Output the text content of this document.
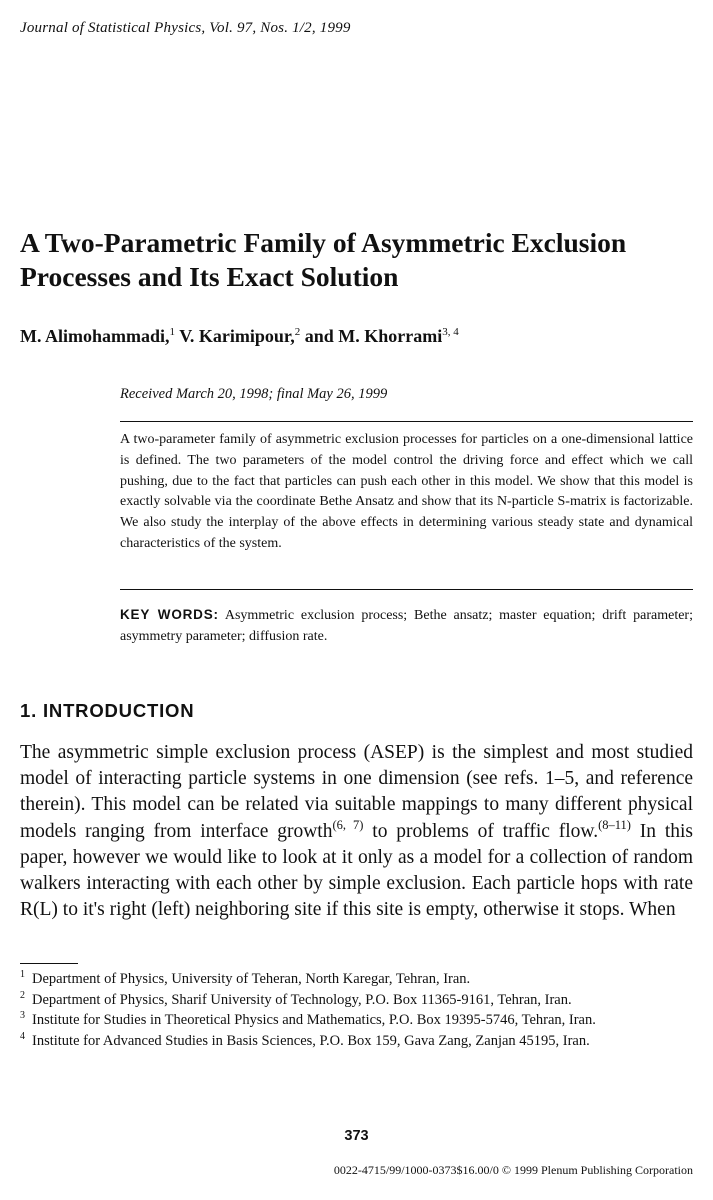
Journal of Statistical Physics, Vol. 97, Nos. 1/2, 1999
A Two-Parametric Family of Asymmetric Exclusion
Processes and Its Exact Solution
M. Alimohammadi,$^1$ V. Karimipour,$^2$ and M. Khorrami$^{3, 4}$
Received March 20, 1998; final May 26, 1999

A two-parameter family of asymmetric exclusion processes for particles on a one-dimensional lattice is defined. The two parameters of the model control the driving force and effect which we call pushing, due to the fact that particles can push each other in this model. We show that this model is exactly solvable via the coordinate Bethe Ansatz and show that its N-particle S-matrix is factorizable. We also study the interplay of the above effects in determining various steady state and dynamical characteristics of the system.

KEY WORDS: Asymmetric exclusion process; Bethe ansatz; master equation; drift parameter; asymmetry parameter; diffusion rate.

1. INTRODUCTION

The asymmetric simple exclusion process (ASEP) is the simplest and most studied model of interacting particle systems in one dimension (see refs. 1–5, and reference therein). This model can be related via suitable mappings to many different physical models ranging from interface growth$^{(6, 7)}$ to problems of traffic flow.$^{(8-11)}$ In this paper, however we would like to look at it only as a model for a collection of random walkers interacting with each other by simple exclusion. Each particle hops with rate R(L) to it's right (left) neighboring site if this site is empty, otherwise it stops. When

1 Department of Physics, University of Teheran, North Karegar, Tehran, Iran.
2 Department of Physics, Sharif University of Technology, P.O. Box 11365-9161, Tehran, Iran.
3 Institute for Studies in Theoretical Physics and Mathematics, P.O. Box 19395-5746, Tehran, Iran.
4 Institute for Advanced Studies in Basis Sciences, P.O. Box 159, Gava Zang, Zanjan 45195, Iran.
373
0022-4715/99/1000-0373$16.00/0 © 1999 Plenum Publishing Corporation
